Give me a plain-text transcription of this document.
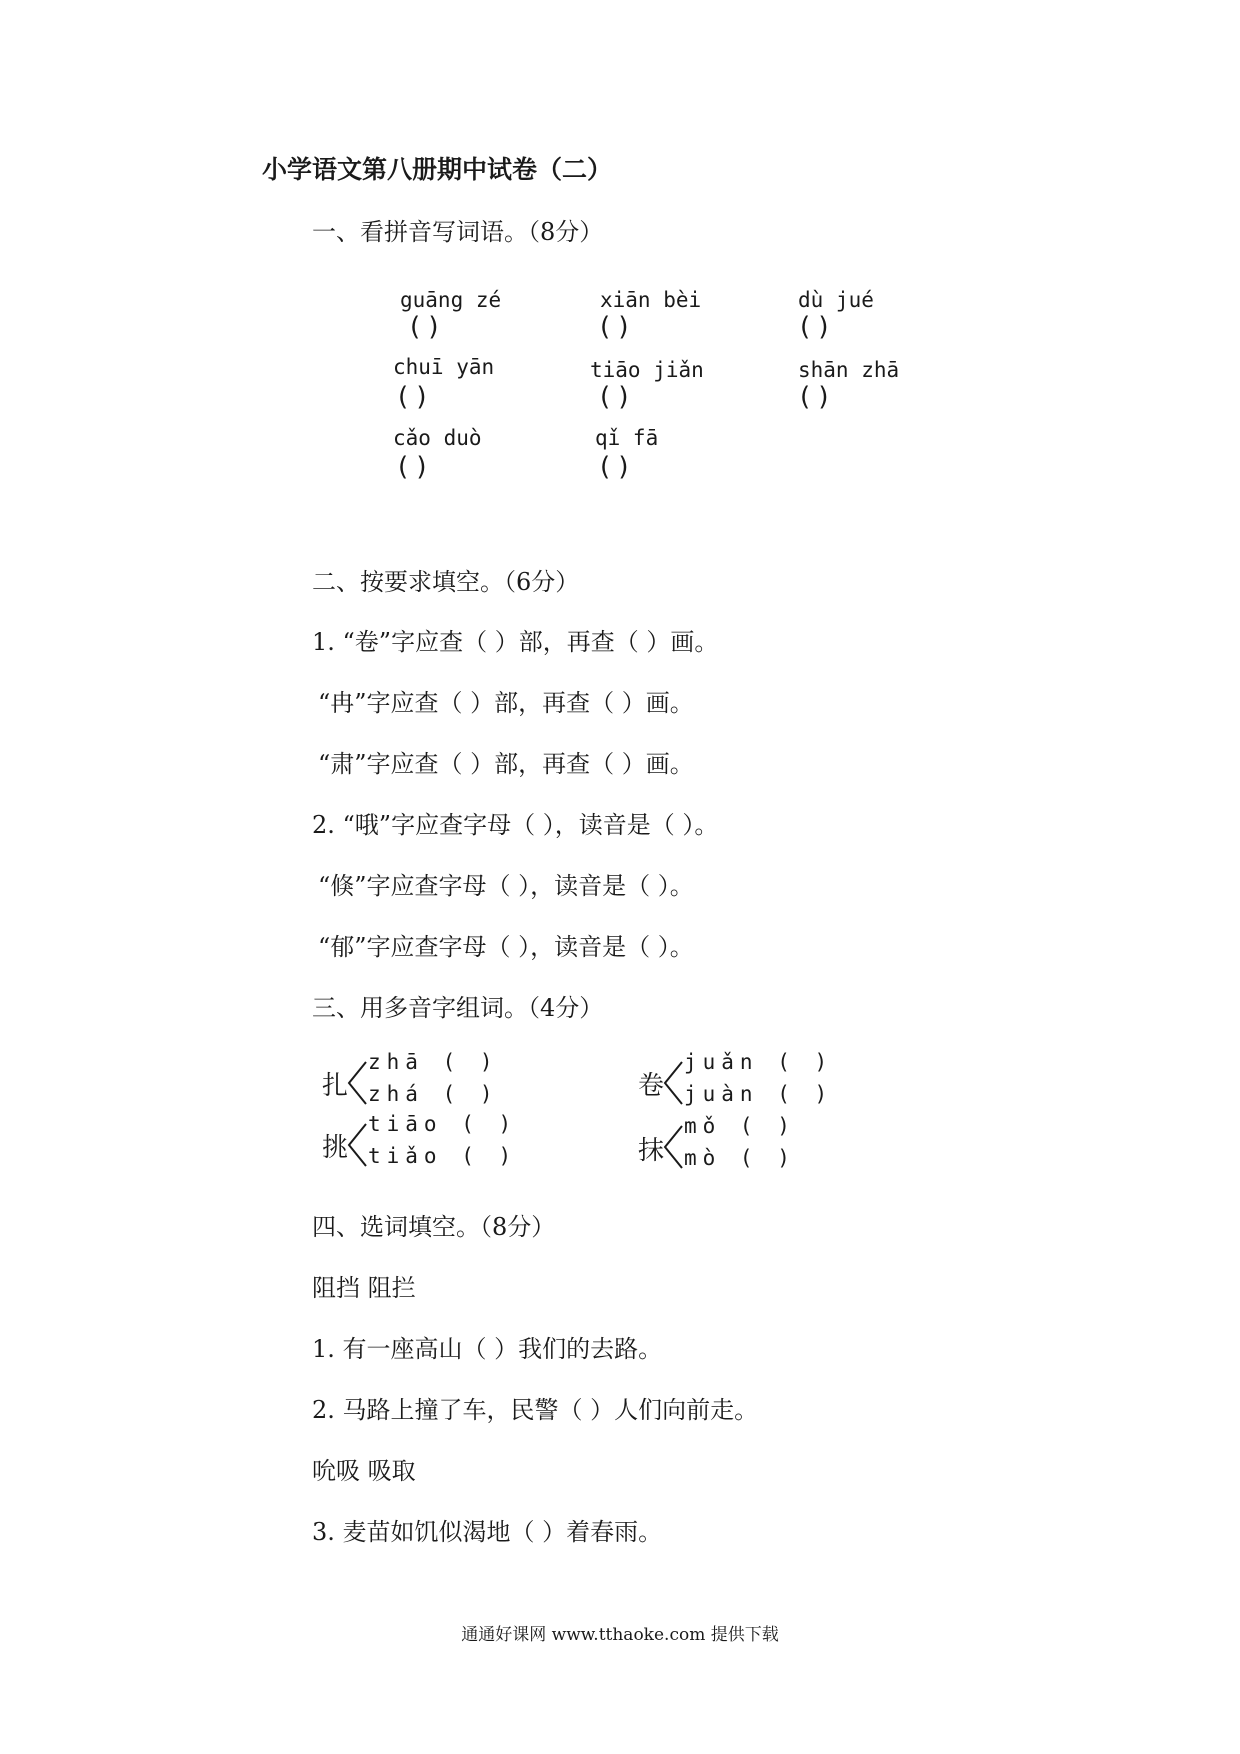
小学语文第八册期中试卷（二）
一、看拼音写词语。（8分）
guāng zé
( )
xiān bèi
( )
dù jué
( )
chuī yān
( )
tiāo jiǎn
( )
shān zhā
( )
cǎo duò
( )
qǐ fā
( )
二、按要求填空。（6分）
1. “卷”字应查（ ）部，再查（ ）画。
“冉”字应查（ ）部，再查（ ）画。
“肃”字应查（ ）部，再查（ ）画。
2. “哦”字应查字母（ ），读音是（ ）。
“倏”字应查字母（ ），读音是（ ）。
“郁”字应查字母（ ），读音是（ ）。
三、用多音字组词。（4分）
扎
zhā ( )
zhá ( )	卷
juǎn ( )
juàn ( )
挑
tiāo ( )
tiǎo ( )	抹
mǒ ( )
mò ( )
四、选词填空。（8分）
阻挡 阻拦
1. 有一座高山（ ）我们的去路。
2. 马路上撞了车，民警（ ）人们向前走。
吮吸 吸取
3. 麦苗如饥似渴地（ ）着春雨。
通通好课网 www.tthaoke.com 提供下载
